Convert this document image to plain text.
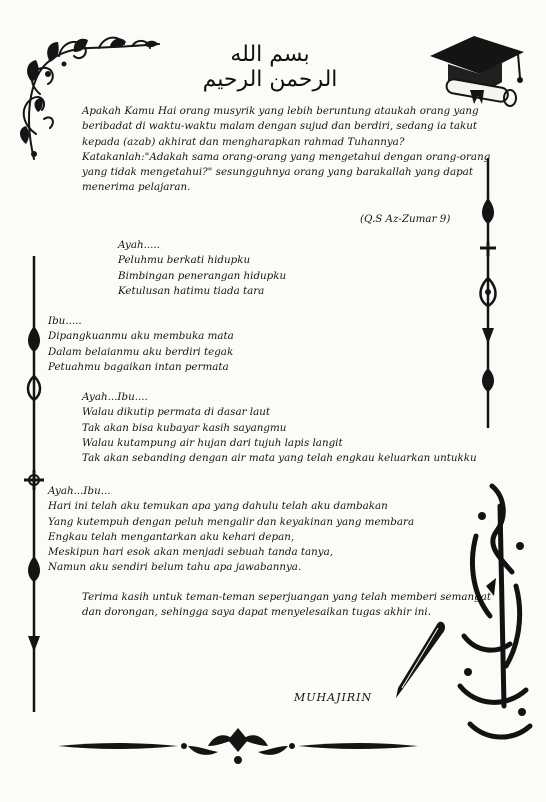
بسم الله الرحمن الرحيم
Apakah Kamu Hai orang musyrik yang lebih beruntung ataukah orang yang
beribadat di waktu-waktu malam dengan sujud dan berdiri, sedang ia takut
kepada (azab) akhirat dan mengharapkan rahmad Tuhannya?
Katakanlah:"Adakah sama orang-orang yang mengetahui dengan orang-orang
yang tidak mengetahui?" sesungguhnya orang yang barakallah yang dapat
menerima pelajaran.
(Q.S Az-Zumar 9)
Ayah.....
Peluhmu berkati hidupku
Bimbingan penerangan hidupku
Ketulusan hatimu tiada tara
Ibu.....
Dipangkuanmu aku membuka mata
Dalam belaianmu aku berdiri tegak
Petuahmu bagaikan intan permata
Ayah...Ibu....
Walau dikutip permata di dasar laut
Tak akan bisa kubayar kasih sayangmu
Walau kutampung air hujan dari tujuh lapis langit
Tak akan sebanding dengan air mata yang telah engkau keluarkan untukku
Ayah...Ibu...
Hari ini telah aku temukan apa yang dahulu telah aku dambakan
Yang kutempuh dengan peluh mengalir dan keyakinan yang membara
Engkau telah mengantarkan aku kehari depan,
Meskipun hari esok akan menjadi sebuah tanda tanya,
Namun aku sendiri belum tahu apa jawabannya.
Terima kasih untuk teman-teman seperjuangan yang telah memberi semangat
dan dorongan, sehingga saya dapat menyelesaikan tugas akhir ini.
MUHAJIRIN
